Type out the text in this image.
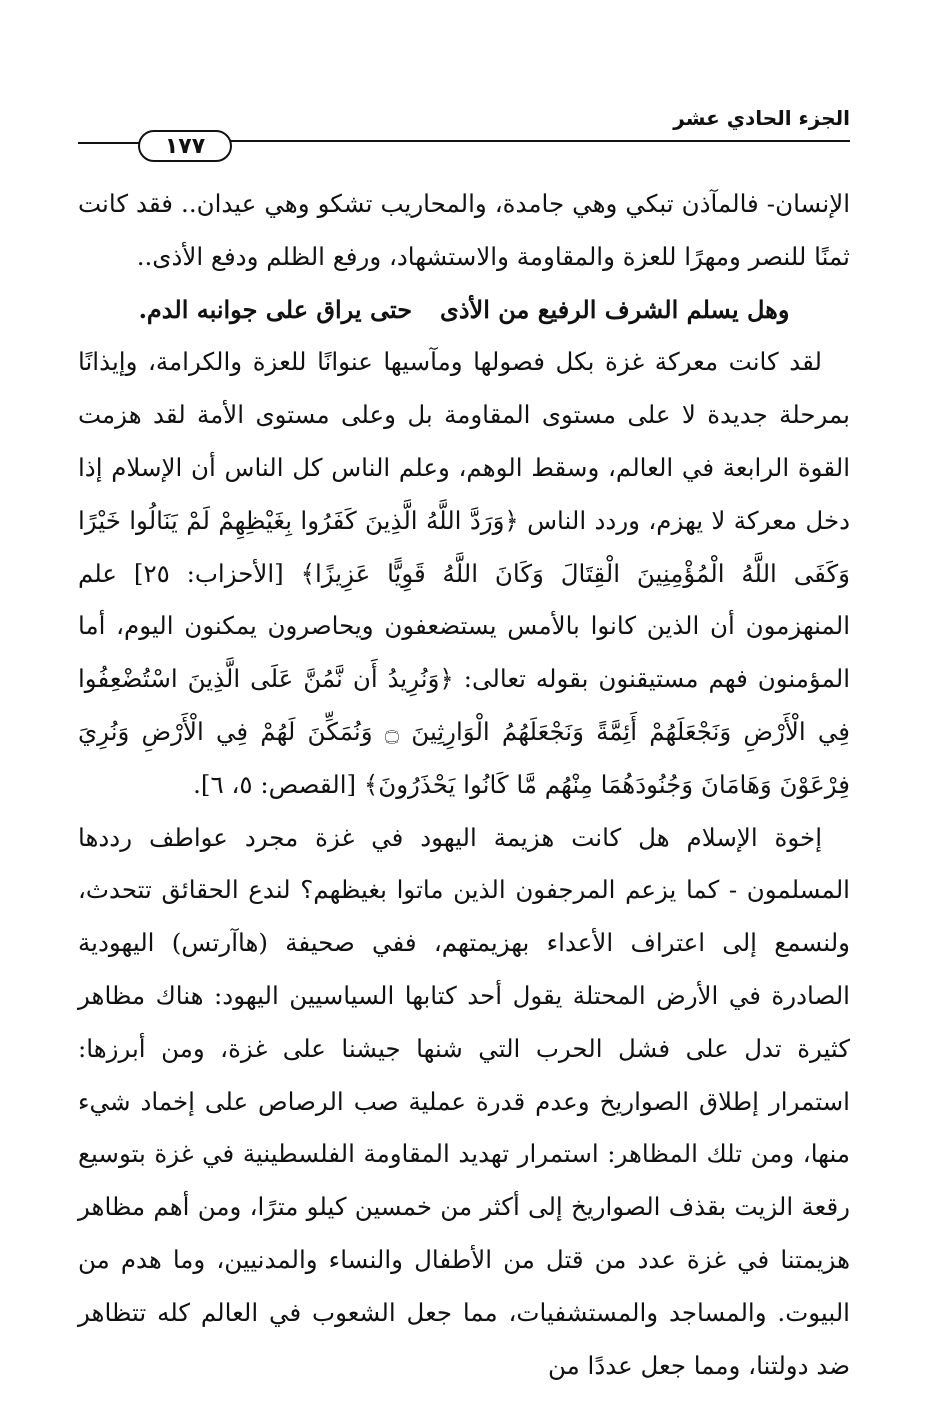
الجزء الحادي عشر
١٧٧

الإنسان- فالمآذن تبكي وهي جامدة، والمحاريب تشكو وهي عيدان.. فقد كانت ثمنًا للنصر ومهرًا للعزة والمقاومة والاستشهاد، ورفع الظلم ودفع الأذى..

وهل يسلم الشرف الرفيع من الأذىحتى يراق على جوانبه الدم.

لقد كانت معركة غزة بكل فصولها ومآسيها عنوانًا للعزة والكرامة، وإيذانًا بمرحلة جديدة لا على مستوى المقاومة بل وعلى مستوى الأمة لقد هزمت القوة الرابعة في العالم، وسقط الوهم، وعلم الناس كل الناس أن الإسلام إذا دخل معركة لا يهزم، وردد الناس ﴿وَرَدَّ اللَّهُ الَّذِينَ كَفَرُوا بِغَيْظِهِمْ لَمْ يَنَالُوا خَيْرًا وَكَفَى اللَّهُ الْمُؤْمِنِينَ الْقِتَالَ وَكَانَ اللَّهُ قَوِيًّا عَزِيزًا﴾ [الأحزاب: ٢٥] علم المنهزمون أن الذين كانوا بالأمس يستضعفون ويحاصرون يمكنون اليوم، أما المؤمنون فهم مستيقنون بقوله تعالى: ﴿وَنُرِيدُ أَن نَّمُنَّ عَلَى الَّذِينَ اسْتُضْعِفُوا فِي الْأَرْضِ وَنَجْعَلَهُمْ أَئِمَّةً وَنَجْعَلَهُمُ الْوَارِثِينَ ۝ وَنُمَكِّنَ لَهُمْ فِي الْأَرْضِ وَنُرِيَ فِرْعَوْنَ وَهَامَانَ وَجُنُودَهُمَا مِنْهُم مَّا كَانُوا يَحْذَرُونَ﴾ [القصص: ٥، ٦].

إخوة الإسلام هل كانت هزيمة اليهود في غزة مجرد عواطف رددها المسلمون - كما يزعم المرجفون الذين ماتوا بغيظهم؟ لندع الحقائق تتحدث، ولنسمع إلى اعتراف الأعداء بهزيمتهم، ففي صحيفة (هاآرتس) اليهودية الصادرة في الأرض المحتلة يقول أحد كتابها السياسيين اليهود: هناك مظاهر كثيرة تدل على فشل الحرب التي شنها جيشنا على غزة، ومن أبرزها: استمرار إطلاق الصواريخ وعدم قدرة عملية صب الرصاص على إخماد شيء منها، ومن تلك المظاهر: استمرار تهديد المقاومة الفلسطينية في غزة بتوسيع رقعة الزيت بقذف الصواريخ إلى أكثر من خمسين كيلو مترًا، ومن أهم مظاهر هزيمتنا في غزة عدد من قتل من الأطفال والنساء والمدنيين، وما هدم من البيوت. والمساجد والمستشفيات، مما جعل الشعوب في العالم كله تتظاهر ضد دولتنا، ومما جعل عددًا من
